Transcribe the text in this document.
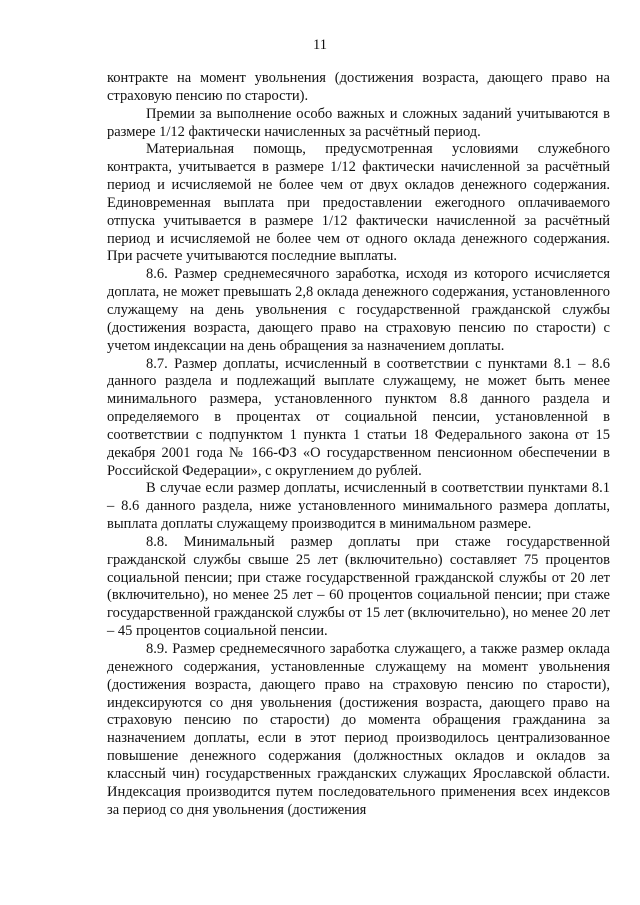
11

контракте на момент увольнения (достижения возраста, дающего право на страховую пенсию по старости).

Премии за выполнение особо важных и сложных заданий учитываются в размере 1/12 фактически начисленных за расчётный период.

Материальная помощь, предусмотренная условиями служебного контракта, учитывается в размере 1/12 фактически начисленной за расчётный период и исчисляемой не более чем от двух окладов денежного содержания. Единовременная выплата при предоставлении ежегодного оплачиваемого отпуска учитывается в размере 1/12 фактически начисленной за расчётный период и исчисляемой не более чем от одного оклада денежного содержания. При расчете учитываются последние выплаты.

8.6. Размер среднемесячного заработка, исходя из которого исчисляется доплата, не может превышать 2,8 оклада денежного содержания, установленного служащему на день увольнения с государственной гражданской службы (достижения возраста, дающего право на страховую пенсию по старости) с учетом индексации на день обращения за назначением доплаты.

8.7. Размер доплаты, исчисленный в соответствии с пунктами 8.1 – 8.6 данного раздела и подлежащий выплате служащему, не может быть менее минимального размера, установленного пунктом 8.8 данного раздела и определяемого в процентах от социальной пенсии, установленной в соответствии с подпунктом 1 пункта 1 статьи 18 Федерального закона от 15 декабря 2001 года № 166-ФЗ «О государственном пенсионном обеспечении в Российской Федерации», с округлением до рублей.

В случае если размер доплаты, исчисленный в соответствии пунктами 8.1 – 8.6 данного раздела, ниже установленного минимального размера доплаты, выплата доплаты служащему производится в минимальном размере.

8.8. Минимальный размер доплаты при стаже государственной гражданской службы свыше 25 лет (включительно) составляет 75 процентов социальной пенсии; при стаже государственной гражданской службы от 20 лет (включительно), но менее 25 лет – 60 процентов социальной пенсии; при стаже государственной гражданской службы от 15 лет (включительно), но менее 20 лет – 45 процентов социальной пенсии.

8.9. Размер среднемесячного заработка служащего, а также размер оклада денежного содержания, установленные служащему на момент увольнения (достижения возраста, дающего право на страховую пенсию по старости), индексируются со дня увольнения (достижения возраста, дающего право на страховую пенсию по старости) до момента обращения гражданина за назначением доплаты, если в этот период производилось централизованное повышение денежного содержания (должностных окладов и окладов за классный чин) государственных гражданских служащих Ярославской области. Индексация производится путем последовательного применения всех индексов за период со дня увольнения (достижения
